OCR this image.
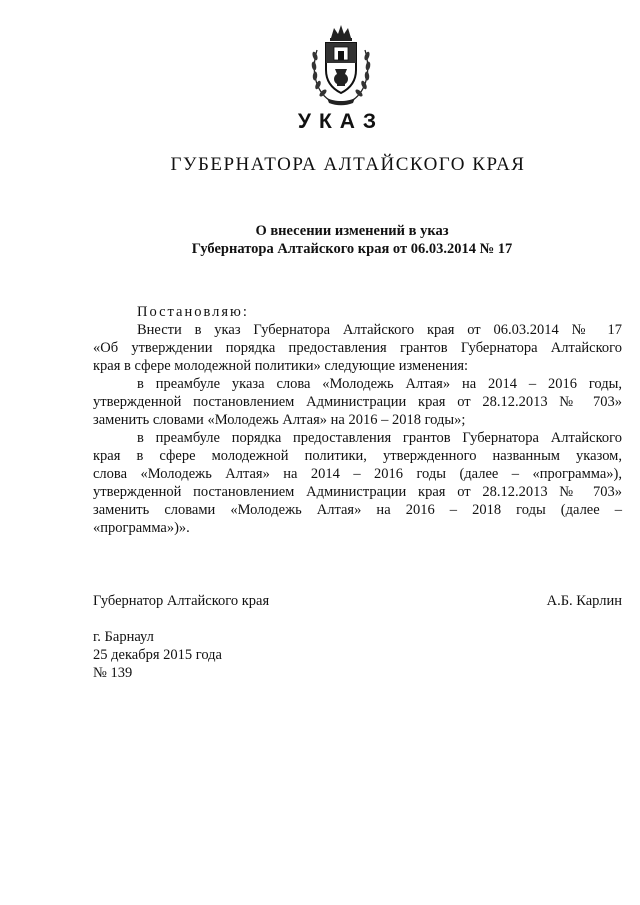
УКАЗ
ГУБЕРНАТОРА АЛТАЙСКОГО КРАЯ
О внесении изменений в указ
Губернатора Алтайского края от 06.03.2014 № 17

Постановляю:

Внести в указ Губернатора Алтайского края от 06.03.2014 № 17

«Об утверждении порядка предоставления грантов Губернатора Алтайского

края в сфере молодежной политики» следующие изменения:

в преамбуле указа слова «Молодежь Алтая» на 2014 – 2016 годы,

утвержденной постановлением Администрации края от 28.12.2013 № 703»

заменить словами «Молодежь Алтая» на 2016 – 2018 годы»;

в преамбуле порядка предоставления грантов Губернатора Алтайского

края в сфере молодежной политики, утвержденного названным указом,

слова «Молодежь Алтая» на 2014 – 2016 годы (далее – «программа»),

утвержденной постановлением Администрации края от 28.12.2013 № 703»

заменить словами «Молодежь Алтая» на 2016 – 2018 годы (далее –

«программа»)».

Губернатор Алтайского края	А.Б. Карлин
г. Барнаул
25 декабря 2015 года
№ 139
